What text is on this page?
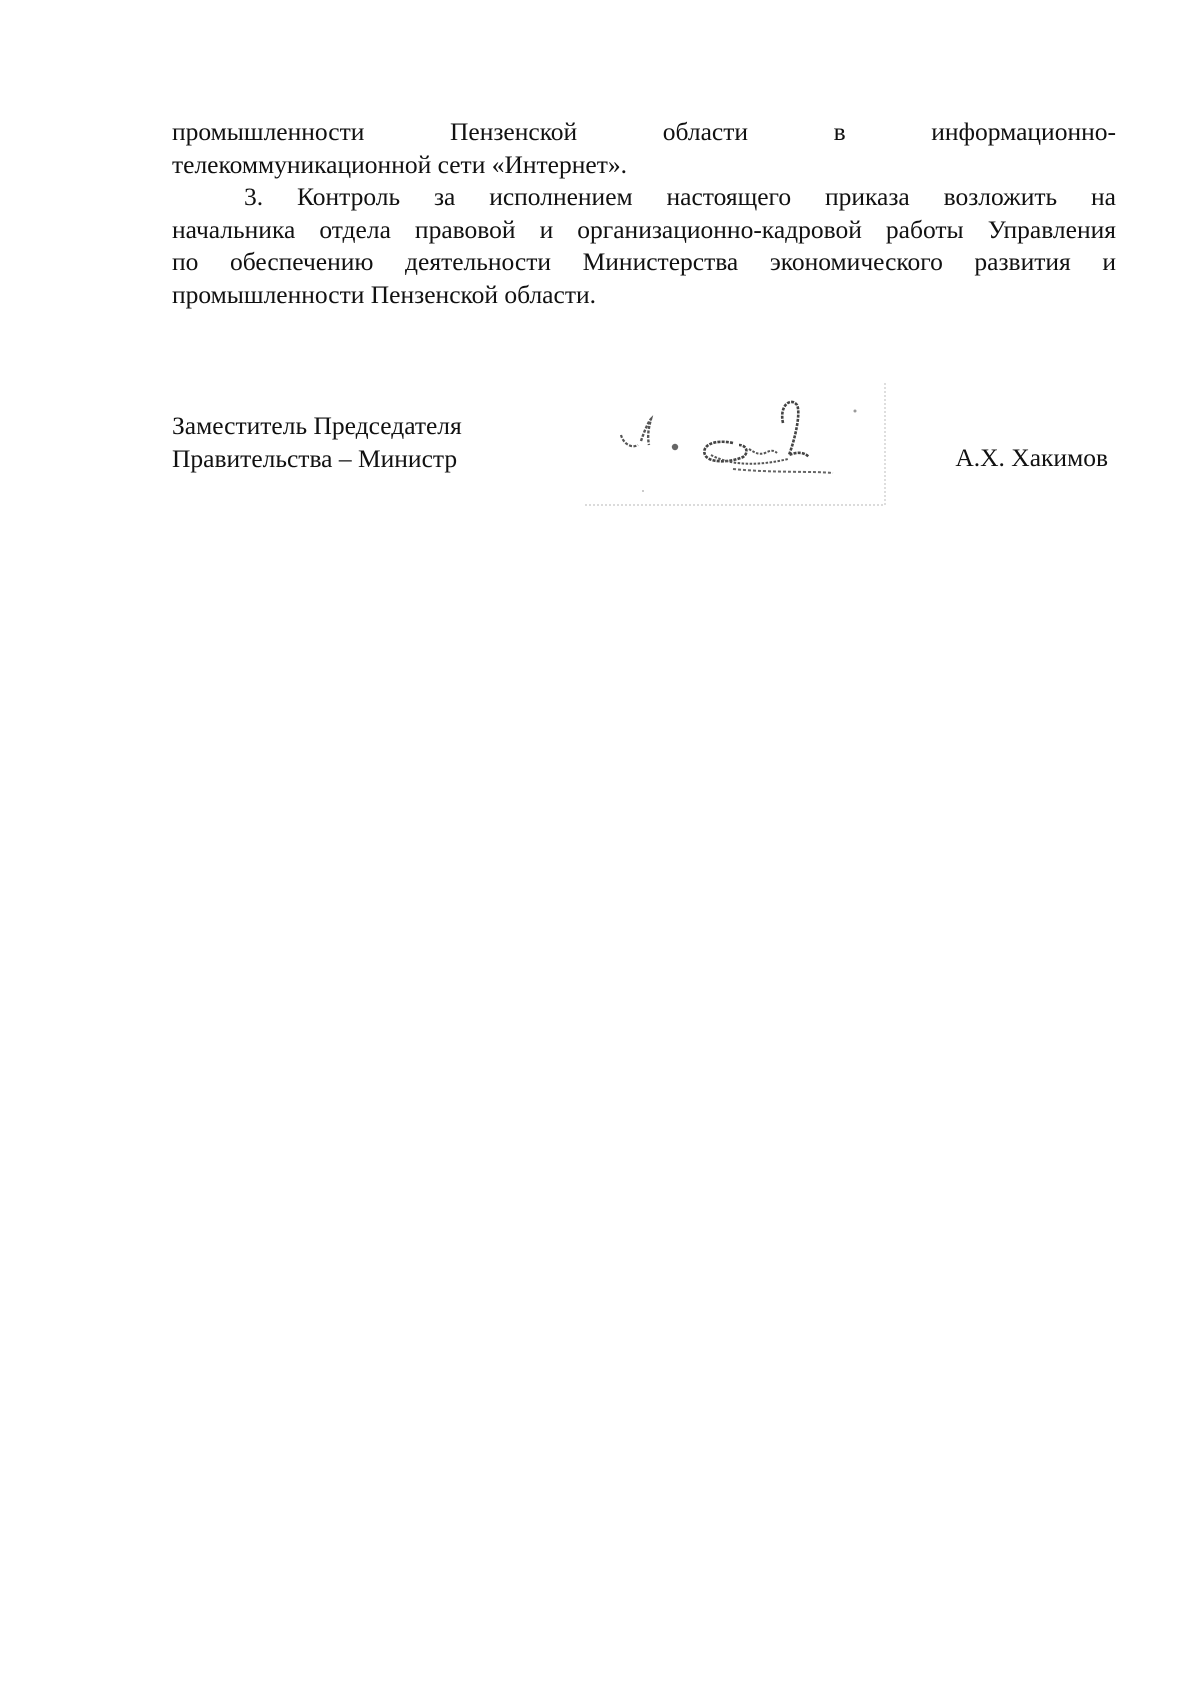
промышленности	Пензенской	области	в	информационно-
телекоммуникационной сети «Интернет».
3. Контроль за исполнением настоящего приказа возложить на
начальника отдела правовой и организационно-кадровой работы Управления
по обеспечению деятельности Министерства экономического развития и
промышленности Пензенской области.
Заместитель Председателя
Правительства – Министр	А.Х. Хакимов
